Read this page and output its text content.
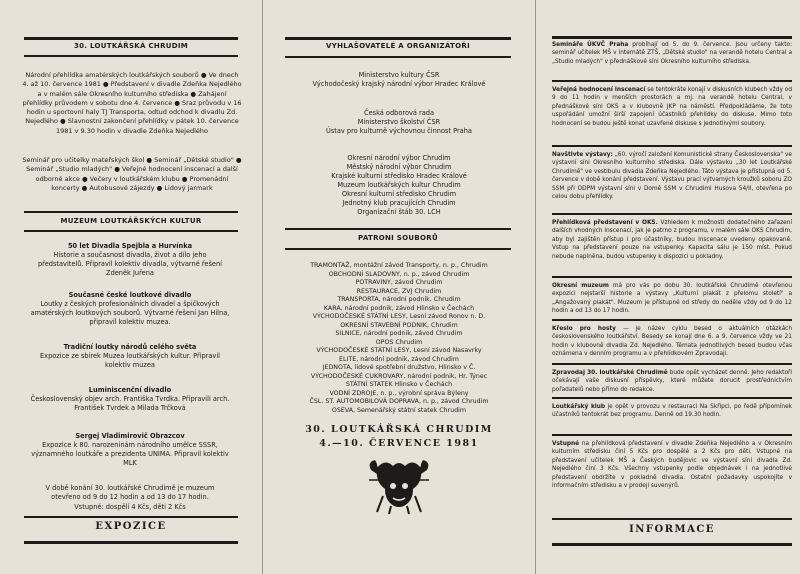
30. LOUTKÁŘSKÁ CHRUDIM
Národní přehlídka amatérských loutkářských souborů ● Ve dnech 4. až 10. července 1981 ● Představení v divadle Zdeňka Nejedlého a v malém sále Okresního kulturního střediska ● Zahájení přehlídky průvodem v sobotu dne 4. července ● Sraz průvodu v 16 hodin u sportovní haly TJ Transporta, odtud odchod k divadlu Zd. Nejedlého ● Slavnostní zakončení přehlídky v pátek 10. července 1981 v 9.30 hodin v divadle Zdeňka Nejedlého
Seminář pro učitelky mateřských škol ● Seminář „Dětské studio" ● Seminář „Studio mladých" ● Veřejné hodnocení inscenací a další odborné akce ● Večery v loutkářském klubu ● Promenádní koncerty ● Autobusové zájezdy ● Lidový jarmark
MUZEUM LOUTKÁŘSKÝCH KULTUR
50 let Divadla Spejbla a Hurvínka
Historie a současnost divadla, život a dílo jeho představitelů. Připravil kolektiv divadla, výtvarné řešení Zdeněk Juřena
Současné české loutkové divadlo
Loutky z českých profesionálních divadel a špičkových amatérských loutkových souborů. Výtvarné řešení Jan Hilna, připravil kolektiv muzea.
Tradiční loutky národů celého světa
Expozice ze sbírek Muzea loutkářských kultur. Připravil kolektiv muzea
Luminiscenční divadlo
Československý objev arch. Františka Tvrdka. Připravili arch. František Tvrdek a Milada Trčková
Sergej Vladimirovič Obrazcov
Expozice k 80. narozeninám národního umělce SSSR, významného loutkáře a prezidenta UNIMA. Připravil kolektiv MLK
V době konání 30. loutkářské Chrudimě je muzeum otevřeno od 9 do 12 hodin a od 13 do 17 hodin.
Vstupné: dospělí 4 Kčs, děti 2 Kčs
EXPOZICE
VYHLAŠOVATELÉ A ORGANIZÁTOŘI
Ministerstvo kultury ČSR
Východočeský krajský národní výbor Hradec Králové
Česká odborová rada
Ministerstvo školství ČSR
Ústav pro kulturně výchovnou činnost Praha
Okresní národní výbor Chrudim
Městský národní výbor Chrudim
Krajské kulturní středisko Hradec Králové
Muzeum loutkářských kultur Chrudim
Okresní kulturní středisko Chrudim
Jednotný klub pracujících Chrudim
Organizační štáb 30. LCH
PATRONI SOUBORŮ
TRAMONTAŽ, montážní závod Transporty, n. p., Chrudim
OBCHODNÍ SLADOVNY, n. p., závod Chrudim
POTRAVINY, závod Chrudim
RESTAURACE, ZVJ Chrudim
TRANSPORTA, národní podnik, Chrudim
KARA, národní podnik, závod Hlinsko v Čechách
VÝCHODOČESKÉ STÁTNÍ LESY, Lesní závod Ronov n. D.
OKRESNÍ STAVEBNÍ PODNIK, Chrudim
SILNICE, národní podnik, závod Chrudim
OPOS Chrudim
VÝCHODOČESKÉ STÁTNÍ LESY, Lesní závod Nasavrky
ELITE, národní podnik, závod Chrudim
JEDNOTA, lidové spotřební družstvo, Hlinsko v Č.
VÝCHODOČESKÉ CUKROVARY, národní podnik, Hr. Týnec
STÁTNÍ STATEK Hlinsko v Čechách
VODNÍ ZDROJE, n. p., výrobní správa Býleny
ČSL. ST. AUTOMOBILOVÁ DOPRAVA, n. p., závod Chrudim
OSEVA, Semenářský státní statek Chrudim
30. LOUTKÁŘSKÁ CHRUDIM
4.—10. ČERVENCE 1981
Semináře ÚKVČ Praha probíhají od 5. do 9. července. Jsou určeny takto: seminář učitelek MŠ v internátě ZTŠ, „Dětské studio" na verandě hotelu Central a „Studio mladých" v přednáškové síni Okresního kulturního střediska.
Veřejná hodnocení inscenací se tentokráte konají v diskusních klubech vždy od 9 do 11 hodin v menších prostorách a mj. na verandě hotelu Central, v přednáškové síni OKS a v klubovně JKP na náměstí. Předpokládáme, že toto uspořádání umožní širší zapojení účastníků přehlídky do diskuse. Mimo toto hodnocení se budou ještě konat uzavřené diskuse s jednotlivými soubory.
Navštivte výstavy: „60. výročí založení Komunistické strany Československa" ve výstavní síni Okresního kulturního střediska. Dále výstavku „30 let Loutkářské Chrudimě" ve vestibulu divadla Zdeňka Nejedlého. Táto výstava je přístupná od 5. července v době konání představení. Výstavu prací výtvarných kroužků soboru ZO SSM při ODPM výstavní síni v Domě SSM v Chrudimi Husova 54/II, otevřena po celou dobu přehlídky.
Přehlídková představení v OKS. Vzhledem k možnosti dodatečného zařazení dalších vhodných inscenací, jak je patrno z programu, v malém sále OKS Chrudim, aby byl zajištěn přístup i pro účastníky, budou inscenace uvedeny opakovaně. Vstup na představení pouze na vstupenky. Kapacita sálu je 150 míst. Pokud nebude naplněna, budou vstupenky k dispozici u pokladny.
Okresní muzeum má pro vás po dobu 30. loutkářské Chrudimě otevřenou expozici nejstarší historie a výstavy „Kulturní plakát z přelomu století" a „Angažovaný plakát". Muzeum je přístupné od středy do neděle vždy od 9 do 12 hodin a od 13 do 17 hodin.
Křeslo pro hosty — je název cyklu besed o aktuálních otázkách československého loutkářství. Besedy se konají dne 6. a 9. července vždy ve 21 hodin v klubovně divadla Zd. Nejedlého. Témata jednotlivých besed budou včas oznámena v denním programu a v přehlídkovém Zpravodaji.
Zpravodaj 30. loutkářské Chrudimě bude opět vycházet denně. Jeho redaktoři očekávají vaše diskusní příspěvky, které můžete dorucit prostřednictvím pořadatelů nebo přímo do redakce.
Loutkářský klub je opět v provozu v restauraci Na Skřipci, po ředě přípomínek účastníků tentokrát bez programu. Denně od 19.30 hodin.
Vstupné na přehlídková představení v divadle Zdeňka Nejedlého a v Okresním kulturním středisku činí 5 Kčs pro dospělé a 2 Kčs pro děti. Vstupné na představení učitelek MŠ a Českých budějovic ve výstavní síni divadla Zd. Nejedlého činí 3 Kčs. Všechny vstupenky podle objednávek i na jednotlivé představení obdržíte v pokladně divadla. Ostatní požadavky uspokojíte v informačním středisku a v prodeji suvenýrů.
INFORMACE
